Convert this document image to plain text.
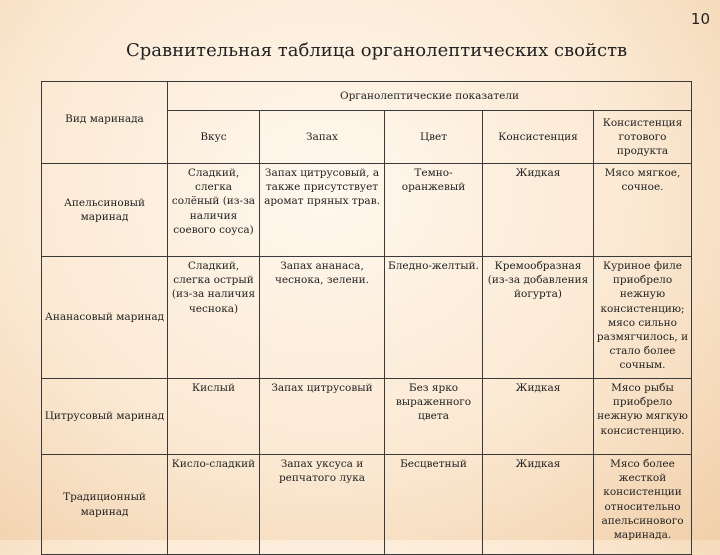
10
Сравнительная таблица органолептических свойств
Вид маринада	Органолептические показатели				
	Вкус	Запах	Цвет	Консистенция	Консистенция готового продукта
Апельсиновый маринад	Сладкий, слегка солёный (из-за наличия соевого соуса)	Запах цитрусовый, а также присутствует аромат пряных трав.	Темно-оранжевый	Жидкая	Мясо мягкое, сочное.
Ананасовый маринад	Сладкий, слегка острый (из-за наличия чеснока)	Запах ананаса, чеснока, зелени.	Бледно-желтый.	Кремообразная (из-за добавления йогурта)	Куриное филе приобрело нежную консистенцию; мясо сильно размягчилось, и стало более сочным.
Цитрусовый маринад	Кислый	Запах цитрусовый	Без ярко выраженного цвета	Жидкая	Мясо рыбы приобрело нежную мягкую консистенцию.
Традиционный маринад	Кисло-сладкий	Запах уксуса и репчатого лука	Бесцветный	Жидкая	Мясо более жесткой консистенции относительно апельсинового маринада.
